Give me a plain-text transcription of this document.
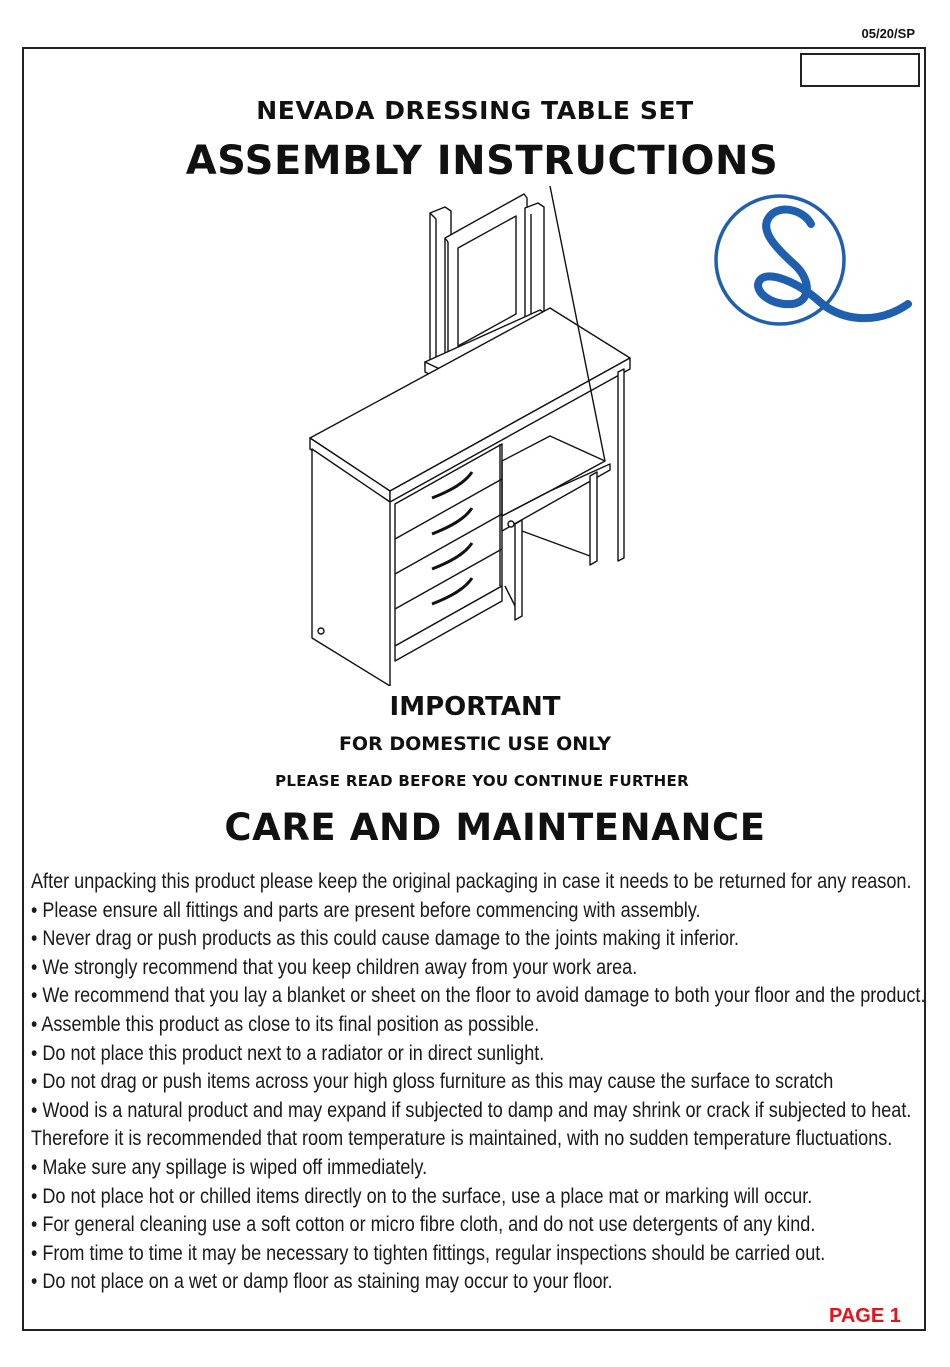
05/20/SP
NEVADA DRESSING TABLE SET
ASSEMBLY INSTRUCTIONS
IMPORTANT
FOR DOMESTIC USE ONLY
PLEASE READ BEFORE YOU CONTINUE FURTHER
CARE AND MAINTENANCE
After unpacking this product please keep the original packaging in case it needs to be returned for any reason.
• Please ensure all fittings and parts are present before commencing with assembly.
• Never drag or push products as this could cause damage to the joints making it inferior.
• We strongly recommend that you keep children away from your work area.
• We recommend that you lay a blanket or sheet on the floor to avoid damage to both your floor and the product.
• Assemble this product as close to its final position as possible.
• Do not place this product next to a radiator or in direct sunlight.
• Do not drag or push items across your high gloss furniture as this may cause the surface to scratch
• Wood is a natural product and may expand if subjected to damp and may shrink or crack if subjected to heat.
Therefore it is recommended that room temperature is maintained, with no sudden temperature fluctuations.
• Make sure any spillage is wiped off immediately.
• Do not place hot or chilled items directly on to the surface, use a place mat or marking will occur.
• For general cleaning use a soft cotton or micro fibre cloth, and do not use detergents of any kind.
• From time to time it may be necessary to tighten fittings, regular inspections should be carried out.
• Do not place on a wet or damp floor as staining may occur to your floor.
PAGE 1
